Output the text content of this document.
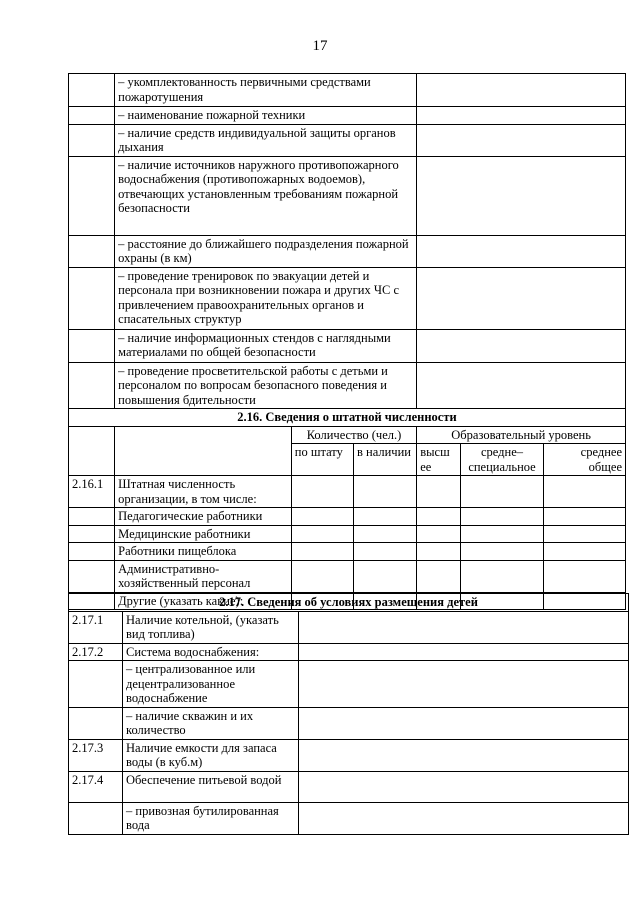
17
	– укомплектованность первичными средствами пожаротушения					
	– наименование пожарной техники					
	– наличие средств индивидуальной защиты органов дыхания					
	– наличие источников наружного противопожарного водоснабжения (противопожарных водоемов), отвечающих установленным требованиям пожарной безопасности					
	– расстояние до ближайшего подразделения пожарной охраны (в км)					
	– проведение тренировок по эвакуации детей и персонала при возникновении пожара и других ЧС с привлечением правоохранительных органов и спасательных структур					
	– наличие информационных стендов с наглядными материалами по общей безопасности					
	– проведение просветительской работы с детьми и персоналом по вопросам безопасного поведения и повышения бдительности					
2.16. Сведения о штатной численности						
		Количество (чел.)		Образовательный уровень		
		по штату	в наличии	высш ее	средне–специальное	среднее общее
2.16.1	Штатная численность организации, в том числе:					
	Педагогические работники					
	Медицинские работники					
	Работники пищеблока					
	Административно-хозяйственный персонал					
	Другие (указать какие):					
2.17. Сведения об условиях размещения детей		
2.17.1	Наличие котельной, (указать вид топлива)	
2.17.2	Система водоснабжения:	
	– централизованное или децентрализованное водоснабжение	
	– наличие скважин и их количество	
2.17.3	Наличие емкости для запаса воды (в куб.м)	
2.17.4	Обеспечение питьевой водой	
	– привозная бутилированная вода	
